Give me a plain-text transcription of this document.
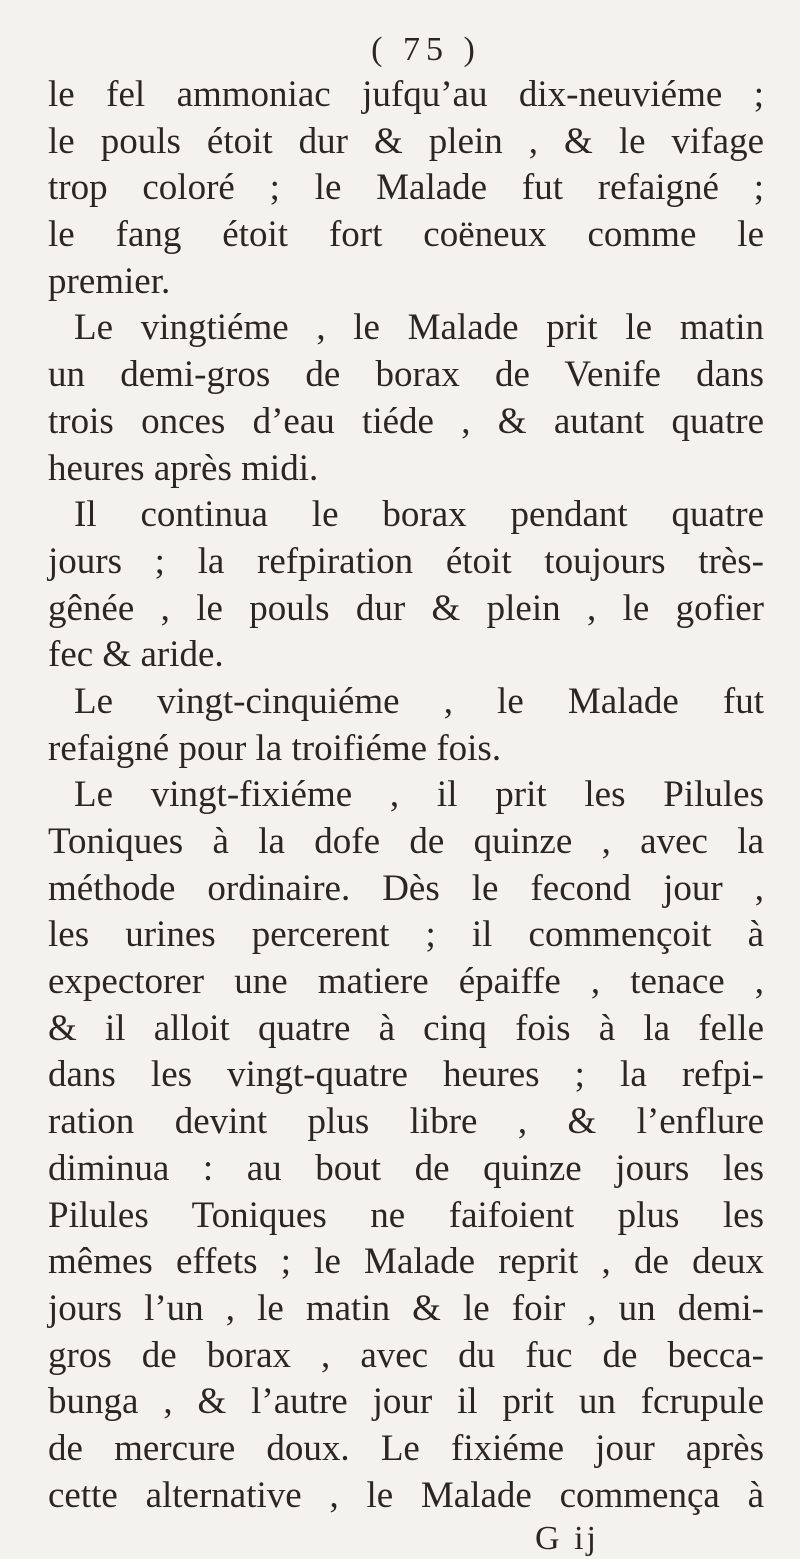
( 75 )
le fel ammoniac jufqu’au dix-neuviéme ;
le pouls étoit dur & plein , & le vifage
trop coloré ; le Malade fut refaigné ;
le fang étoit fort coëneux comme le
premier.
Le vingtiéme , le Malade prit le matin
un demi-gros de borax de Venife dans
trois onces d’eau tiéde , & autant quatre
heures après midi.
Il continua le borax pendant quatre
jours ; la refpiration étoit toujours très-
gênée , le pouls dur & plein , le gofier
fec & aride.
Le vingt-cinquiéme , le Malade fut
refaigné pour la troifiéme fois.
Le vingt-fixiéme , il prit les Pilules
Toniques à la dofe de quinze , avec la
méthode ordinaire. Dès le fecond jour ,
les urines percerent ; il commençoit à
expectorer une matiere épaiffe , tenace ,
& il alloit quatre à cinq fois à la felle
dans les vingt-quatre heures ; la refpi-
ration devint plus libre , & l’enflure
diminua : au bout de quinze jours les
Pilules Toniques ne faifoient plus les
mêmes effets ; le Malade reprit , de deux
jours l’un , le matin & le foir , un demi-
gros de borax , avec du fuc de becca-
bunga , & l’autre jour il prit un fcrupule
de mercure doux. Le fixiéme jour après
cette alternative , le Malade commença à
G ij
